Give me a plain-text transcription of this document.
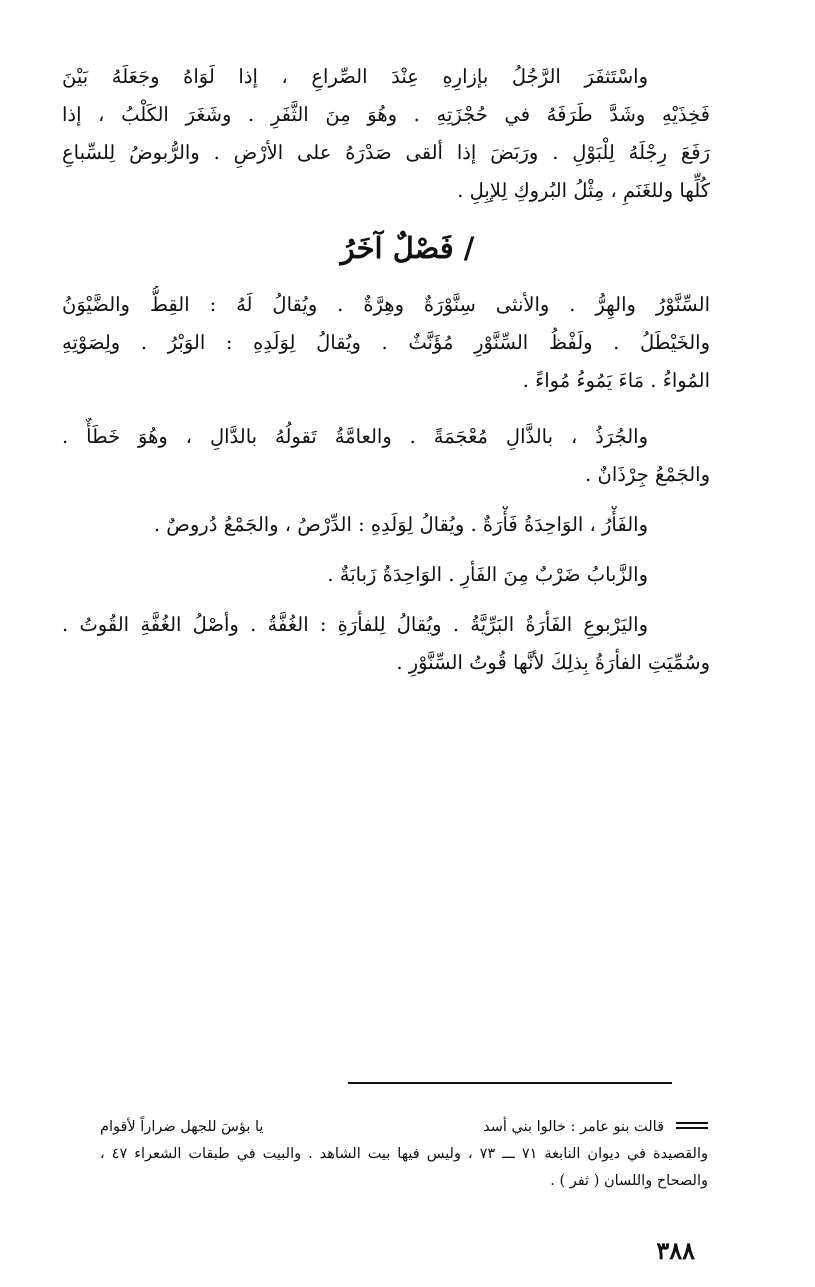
واسْتَثفَرَ الرَّجُلُ بإزارِهِ عِنْدَ الصِّراعِ ، إذا لَوَاهُ وجَعَلَهُ بَيْنَ
فَخِذَيْهِ وشَدَّ طَرَفَهُ في حُجْزَتِهِ . وهُوَ مِنَ الثَّفَرِ . وشَغَرَ الكَلْبُ ، إذا
رَفَعَ رِجْلَهُ لِلْبَوْلِ . ورَبَضَ إذا ألقى صَدْرَهُ على الأرْضِ . والرُّبوضُ لِلسِّباعِ
كُلِّها وللغَنَمِ ، مِثْلُ البُروكِ لِلإبِلِ .
/ فَصْلٌ آخَرُ
السِّنَّوْرُ والهِرُّ . والأنثى سِنَّوْرَةٌ وهِرَّةٌ . ويُقالُ لَهُ : القِطُّ والضَّيْوَنُ
والخَيْطَلُ . ولَفْظُ السِّنَّوْرِ مُؤَنَّثٌ . ويُقالُ لِوَلَدِهِ : الوَبْرُ . ولِصَوْتِهِ
المُواءُ . مَاءَ يَمُوءُ مُواءً .
والجُرَذُ ، بالذَّالِ مُعْجَمَةً . والعامَّةُ تَقولُهُ بالدَّالِ ، وهُوَ خَطَأٌ .
والجَمْعُ جِرْذَانٌ .
والفَأْرُ ، الوَاحِدَةُ فَأْرَةٌ . ويُقالُ لِوَلَدِهِ : الدِّرْصُ ، والجَمْعُ دُروصٌ .
والزَّبابُ ضَرْبٌ مِنَ الفَأرِ . الوَاحِدَةُ زَبابَةٌ .
واليَرْبوعِ الفَأرَةُ البَرِّيَّةُ . ويُقالُ لِلفأرَةِ : الغُفَّةُ . وأصْلُ الغُفَّةِ القُوتُ .
وسُمِّيَتِ الفأرَةُ بِذلِكَ لأنَّها قُوتُ السِّنَّوْرِ .
قالت بنو عامر : خالوا بني أسد
يا بؤسَ للجهل ضراراً لأقوام
والقصيدة في ديوان النابغة ٧١ ـــ ٧٣ ، وليس فيها بيت الشاهد . والبيت في طبقات الشعراء ٤٧ ،
والصحاح واللسان ( ثفر ) .
٣٨٨
